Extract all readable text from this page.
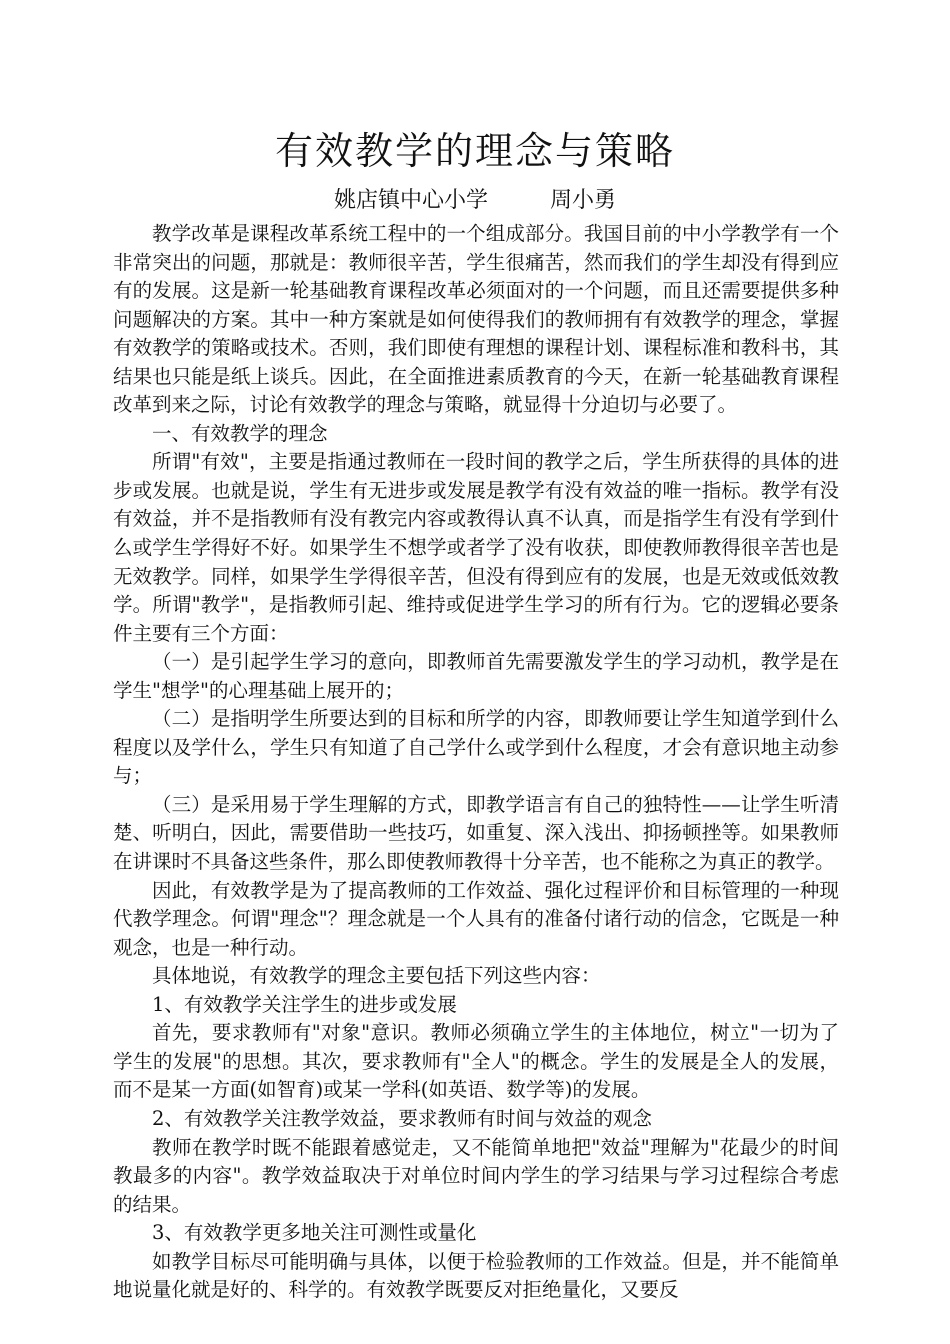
有效教学的理念与策略
姚店镇中心小学	周小勇

教学改革是课程改革系统工程中的一个组成部分。我国目前的中小学教学有一个非常突出的问题，那就是：教师很辛苦，学生很痛苦，然而我们的学生却没有得到应有的发展。这是新一轮基础教育课程改革必须面对的一个问题，而且还需要提供多种问题解决的方案。其中一种方案就是如何使得我们的教师拥有有效教学的理念，掌握有效教学的策略或技术。否则，我们即使有理想的课程计划、课程标准和教科书，其结果也只能是纸上谈兵。因此，在全面推进素质教育的今天，在新一轮基础教育课程改革到来之际，讨论有效教学的理念与策略，就显得十分迫切与必要了。

一、有效教学的理念

所谓"有效"，主要是指通过教师在一段时间的教学之后，学生所获得的具体的进步或发展。也就是说，学生有无进步或发展是教学有没有效益的唯一指标。教学有没有效益，并不是指教师有没有教完内容或教得认真不认真，而是指学生有没有学到什么或学生学得好不好。如果学生不想学或者学了没有收获，即使教师教得很辛苦也是无效教学。同样，如果学生学得很辛苦，但没有得到应有的发展，也是无效或低效教学。所谓"教学"，是指教师引起、维持或促进学生学习的所有行为。它的逻辑必要条件主要有三个方面：

（一）是引起学生学习的意向，即教师首先需要激发学生的学习动机，教学是在学生"想学"的心理基础上展开的；

（二）是指明学生所要达到的目标和所学的内容，即教师要让学生知道学到什么程度以及学什么，学生只有知道了自己学什么或学到什么程度，才会有意识地主动参与；

（三）是采用易于学生理解的方式，即教学语言有自己的独特性——让学生听清楚、听明白，因此，需要借助一些技巧，如重复、深入浅出、抑扬顿挫等。如果教师在讲课时不具备这些条件，那么即使教师教得十分辛苦，也不能称之为真正的教学。

因此，有效教学是为了提高教师的工作效益、强化过程评价和目标管理的一种现代教学理念。何谓"理念"？理念就是一个人具有的准备付诸行动的信念，它既是一种观念，也是一种行动。

具体地说，有效教学的理念主要包括下列这些内容：

1、有效教学关注学生的进步或发展

首先，要求教师有"对象"意识。教师必须确立学生的主体地位，树立"一切为了学生的发展"的思想。其次，要求教师有"全人"的概念。学生的发展是全人的发展，而不是某一方面(如智育)或某一学科(如英语、数学等)的发展。

2、有效教学关注教学效益，要求教师有时间与效益的观念

教师在教学时既不能跟着感觉走，又不能简单地把"效益"理解为"花最少的时间教最多的内容"。教学效益取决于对单位时间内学生的学习结果与学习过程综合考虑的结果。

3、有效教学更多地关注可测性或量化

如教学目标尽可能明确与具体，以便于检验教师的工作效益。但是，并不能简单地说量化就是好的、科学的。有效教学既要反对拒绝量化，又要反
